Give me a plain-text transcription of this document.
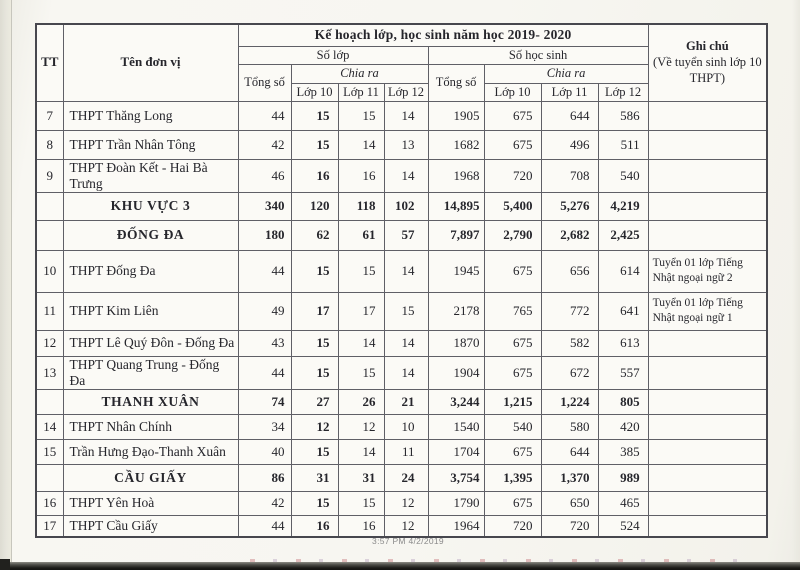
TT	Tên đơn vị	Kế hoạch lớp, học sinh năm học 2019- 2020								Ghi chú
(Về tuyển sinh lớp 10 THPT)

		Số lớp				Số học sinh				
		Tổng số	Chia ra			Tổng số	Chia ra			
			Lớp 10	Lớp 11	Lớp 12		Lớp 10	Lớp 11	Lớp 12	
7	THPT Thăng Long	44	15	15	14	1905	675	644	586	
8	THPT Trần Nhân Tông	42	15	14	13	1682	675	496	511	
9	THPT Đoàn Kết - Hai Bà Trưng	46	16	16	14	1968	720	708	540	
	KHU VỰC 3	340	120	118	102	14,895	5,400	5,276	4,219	
	ĐỐNG ĐA	180	62	61	57	7,897	2,790	2,682	2,425	
10	THPT Đống Đa	44	15	15	14	1945	675	656	614	Tuyển 01 lớp Tiếng Nhật ngoại ngữ 2
11	THPT Kim Liên	49	17	17	15	2178	765	772	641	Tuyển 01 lớp Tiếng Nhật ngoại ngữ 1
12	THPT Lê Quý Đôn - Đống Đa	43	15	14	14	1870	675	582	613	
13	THPT Quang Trung - Đống Đa	44	15	15	14	1904	675	672	557	
	THANH XUÂN	74	27	26	21	3,244	1,215	1,224	805	
14	THPT Nhân Chính	34	12	12	10	1540	540	580	420	
15	Trần Hưng Đạo-Thanh Xuân	40	15	14	11	1704	675	644	385	
	CẦU GIẤY	86	31	31	24	3,754	1,395	1,370	989	
16	THPT Yên Hoà	42	15	15	12	1790	675	650	465	
17	THPT Cầu Giấy	44	16	16	12	1964	720	720	524	
3:57 PM 4/2/2019
